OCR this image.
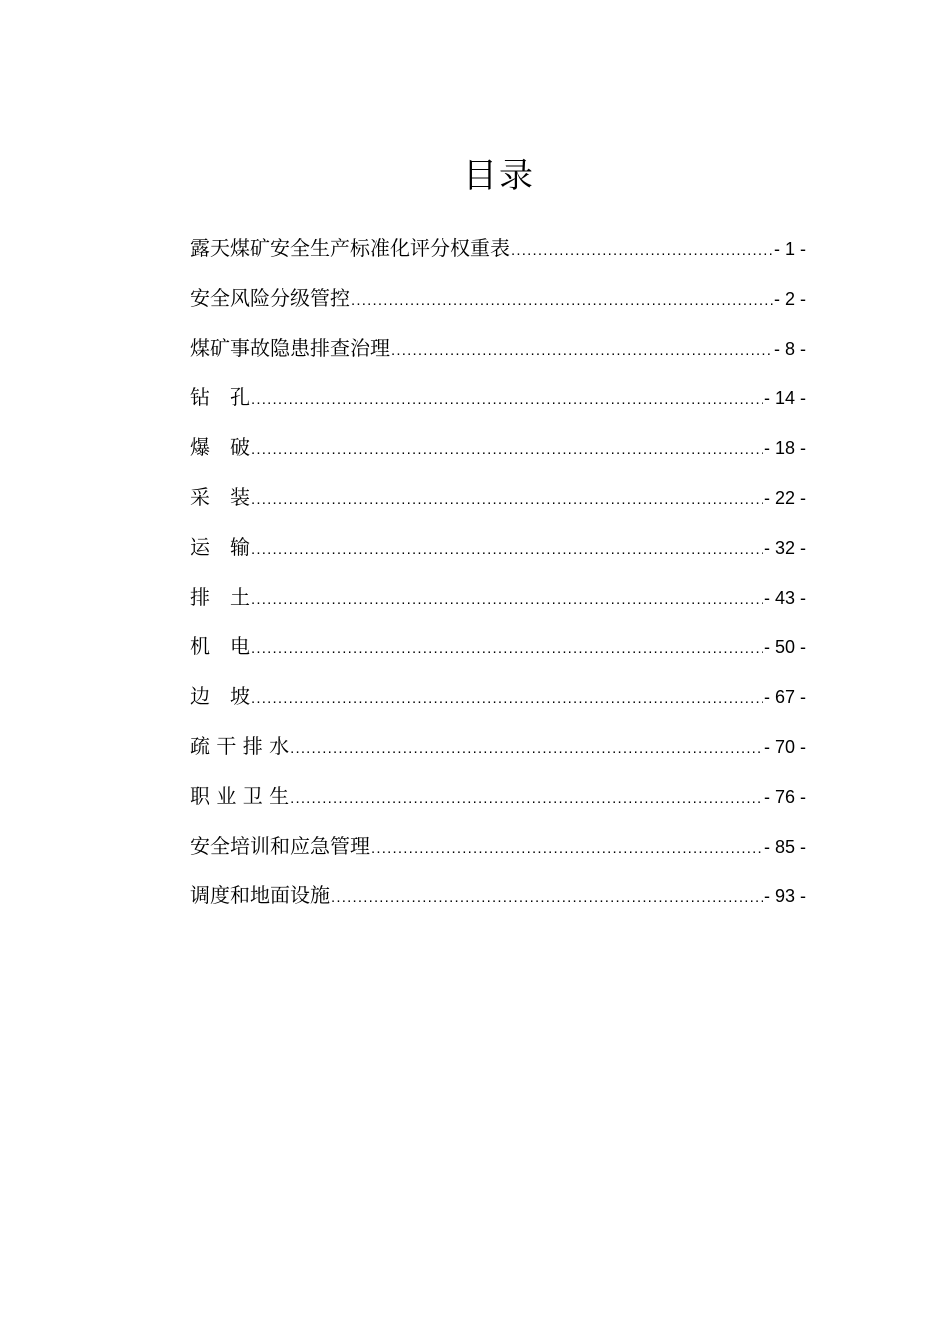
目录
露天煤矿安全生产标准化评分权重表 .....	- 1 -
安全风险分级管控 .....	- 2 -
煤矿事故隐患排查治理 .....	- 8 -
钻　孔 .....	- 14 -
爆　破 .....	- 18 -
采　装 .....	- 22 -
运　输 .....	- 32 -
排　土 .....	- 43 -
机　电 .....	- 50 -
边　坡 .....	- 67 -
疏 干 排 水 .....	- 70 -
职 业 卫 生 .....	- 76 -
安全培训和应急管理 .....	- 85 -
调度和地面设施 .....	- 93 -
